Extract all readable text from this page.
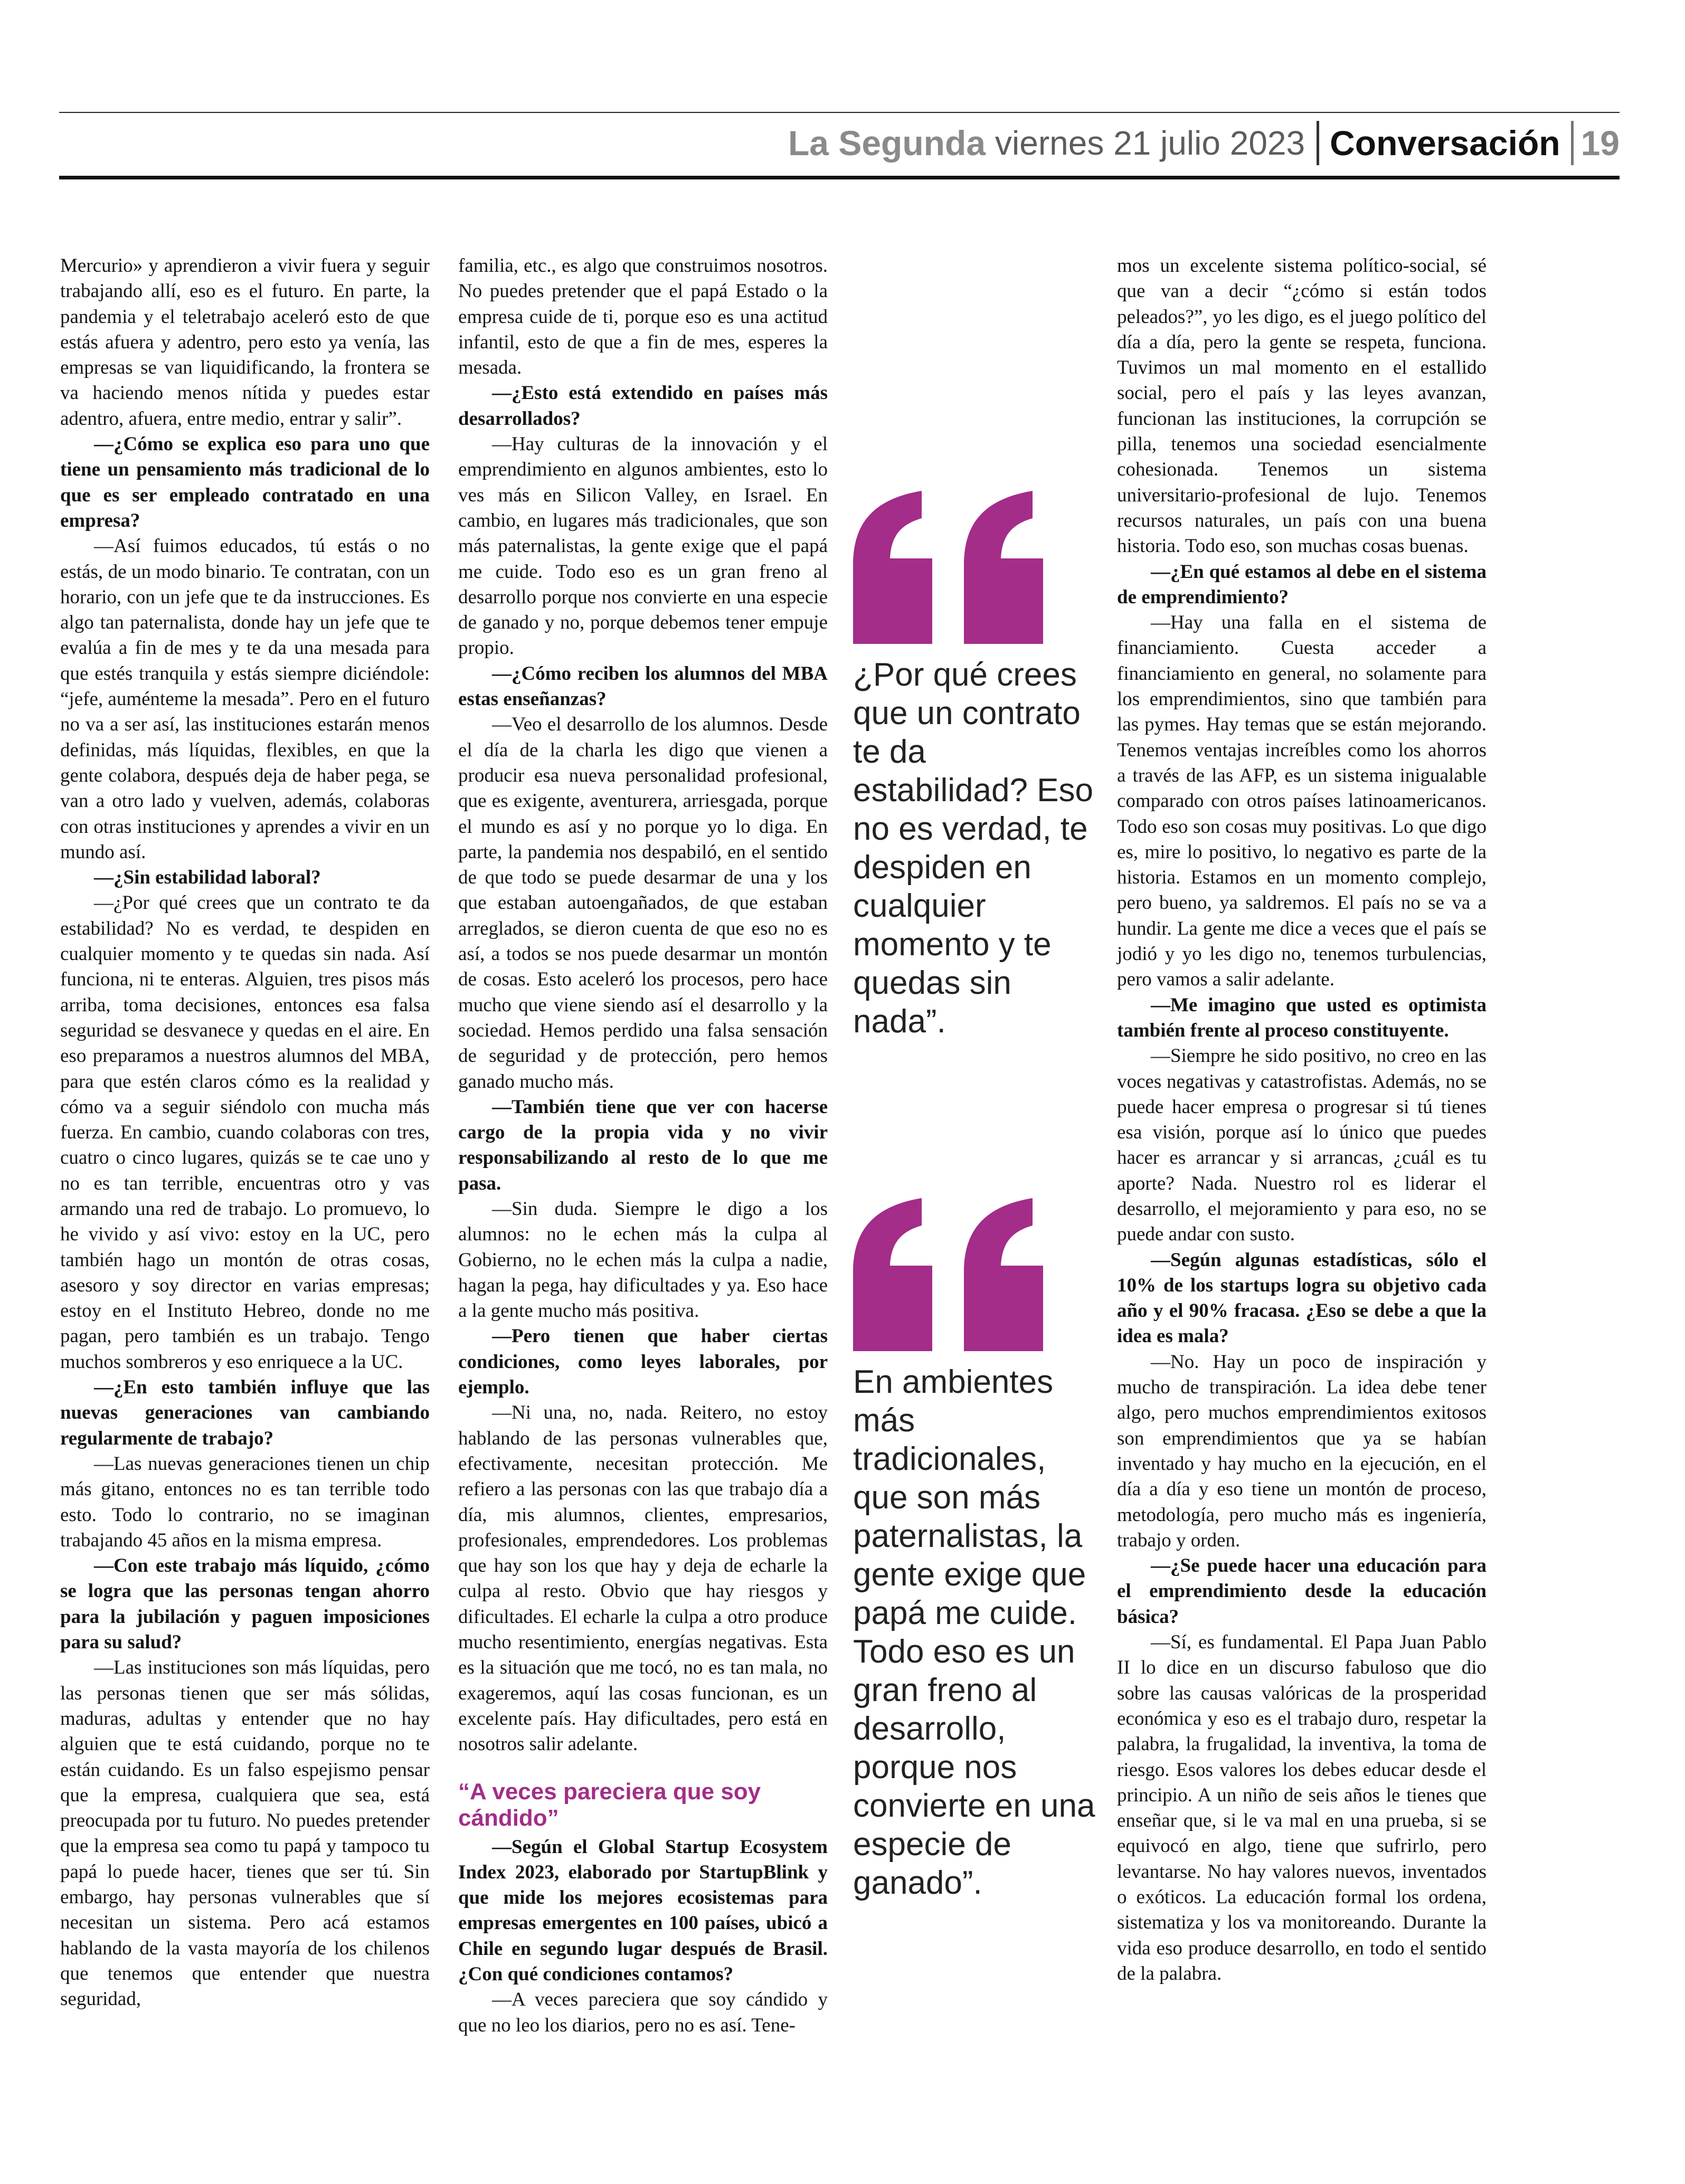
La Segunda viernes 21 julio 2023 Conversación 19

Mercurio» y aprendieron a vivir fuera y seguir trabajando allí, eso es el futuro. En parte, la pandemia y el teletrabajo aceleró esto de que estás afuera y adentro, pero esto ya venía, las empresas se van liquidificando, la frontera se va haciendo menos nítida y puedes estar adentro, afuera, entre medio, entrar y salir”.

—¿Cómo se explica eso para uno que tiene un pensamiento más tradicional de lo que es ser empleado contratado en una empresa?

—Así fuimos educados, tú estás o no estás, de un modo binario. Te contratan, con un horario, con un jefe que te da instrucciones. Es algo tan paternalista, donde hay un jefe que te evalúa a fin de mes y te da una mesada para que estés tranquila y estás siempre diciéndole: “jefe, auménteme la mesada”. Pero en el futuro no va a ser así, las instituciones estarán menos definidas, más líquidas, flexibles, en que la gente colabora, después deja de haber pega, se van a otro lado y vuelven, además, colaboras con otras instituciones y aprendes a vivir en un mundo así.

—¿Sin estabilidad laboral?

—¿Por qué crees que un contrato te da estabilidad? No es verdad, te despiden en cualquier momento y te quedas sin nada. Así funciona, ni te enteras. Alguien, tres pisos más arriba, toma decisiones, entonces esa falsa seguridad se desvanece y quedas en el aire. En eso preparamos a nuestros alumnos del MBA, para que estén claros cómo es la realidad y cómo va a seguir siéndolo con mucha más fuerza. En cambio, cuando colaboras con tres, cuatro o cinco lugares, quizás se te cae uno y no es tan terrible, encuentras otro y vas armando una red de trabajo. Lo promuevo, lo he vivido y así vivo: estoy en la UC, pero también hago un montón de otras cosas, asesoro y soy director en varias empresas; estoy en el Instituto Hebreo, donde no me pagan, pero también es un trabajo. Tengo muchos sombreros y eso enriquece a la UC.

—¿En esto también influye que las nuevas generaciones van cambiando regularmente de trabajo?

—Las nuevas generaciones tienen un chip más gitano, entonces no es tan terrible todo esto. Todo lo contrario, no se imaginan trabajando 45 años en la misma empresa.

—Con este trabajo más líquido, ¿cómo se logra que las personas tengan ahorro para la jubilación y paguen imposiciones para su salud?

—Las instituciones son más líquidas, pero las personas tienen que ser más sólidas, maduras, adultas y entender que no hay alguien que te está cuidando, porque no te están cuidando. Es un falso espejismo pensar que la empresa, cualquiera que sea, está preocupada por tu futuro. No puedes pretender que la empresa sea como tu papá y tampoco tu papá lo puede hacer, tienes que ser tú. Sin embargo, hay personas vulnerables que sí necesitan un sistema. Pero acá estamos hablando de la vasta mayoría de los chilenos que tenemos que entender que nuestra seguridad,

familia, etc., es algo que construimos nosotros. No puedes pretender que el papá Estado o la empresa cuide de ti, porque eso es una actitud infantil, esto de que a fin de mes, esperes la mesada.

—¿Esto está extendido en países más desarrollados?

—Hay culturas de la innovación y el emprendimiento en algunos ambientes, esto lo ves más en Silicon Valley, en Israel. En cambio, en lugares más tradicionales, que son más paternalistas, la gente exige que el papá me cuide. Todo eso es un gran freno al desarrollo porque nos convierte en una especie de ganado y no, porque debemos tener empuje propio.

—¿Cómo reciben los alumnos del MBA estas enseñanzas?

—Veo el desarrollo de los alumnos. Desde el día de la charla les digo que vienen a producir esa nueva personalidad profesional, que es exigente, aventurera, arriesgada, porque el mundo es así y no porque yo lo diga. En parte, la pandemia nos despabiló, en el sentido de que todo se puede desarmar de una y los que estaban autoengañados, de que estaban arreglados, se dieron cuenta de que eso no es así, a todos se nos puede desarmar un montón de cosas. Esto aceleró los procesos, pero hace mucho que viene siendo así el desarrollo y la sociedad. Hemos perdido una falsa sensación de seguridad y de protección, pero hemos ganado mucho más.

—También tiene que ver con hacerse cargo de la propia vida y no vivir responsabilizando al resto de lo que me pasa.

—Sin duda. Siempre le digo a los alumnos: no le echen más la culpa al Gobierno, no le echen más la culpa a nadie, hagan la pega, hay dificultades y ya. Eso hace a la gente mucho más positiva.

—Pero tienen que haber ciertas condiciones, como leyes laborales, por ejemplo.

—Ni una, no, nada. Reitero, no estoy hablando de las personas vulnerables que, efectivamente, necesitan protección. Me refiero a las personas con las que trabajo día a día, mis alumnos, clientes, empresarios, profesionales, emprendedores. Los problemas que hay son los que hay y deja de echarle la culpa al resto. Obvio que hay riesgos y dificultades. El echarle la culpa a otro produce mucho resentimiento, energías negativas. Esta es la situación que me tocó, no es tan mala, no exageremos, aquí las cosas funcionan, es un excelente país. Hay dificultades, pero está en nosotros salir adelante.

“A veces pareciera que soy cándido”

—Según el Global Startup Ecosystem Index 2023, elaborado por StartupBlink y que mide los mejores ecosistemas para empresas emergentes en 100 países, ubicó a Chile en segundo lugar después de Brasil. ¿Con qué condiciones contamos?

—A veces pareciera que soy cándido y que no leo los diarios, pero no es así. Tene-

¿Por qué crees que un contrato te da estabilidad? Eso no es verdad, te despiden en cualquier momento y te quedas sin nada”.
En ambientes más tradicionales, que son más paternalistas, la gente exige que papá me cuide. Todo eso es un gran freno al desarrollo, porque nos convierte en una especie de ganado”.

mos un excelente sistema político-social, sé que van a decir “¿cómo si están todos peleados?”, yo les digo, es el juego político del día a día, pero la gente se respeta, funciona. Tuvimos un mal momento en el estallido social, pero el país y las leyes avanzan, funcionan las instituciones, la corrupción se pilla, tenemos una sociedad esencialmente cohesionada. Tenemos un sistema universitario-profesional de lujo. Tenemos recursos naturales, un país con una buena historia. Todo eso, son muchas cosas buenas.

—¿En qué estamos al debe en el sistema de emprendimiento?

—Hay una falla en el sistema de financiamiento. Cuesta acceder a financiamiento en general, no solamente para los emprendimientos, sino que también para las pymes. Hay temas que se están mejorando. Tenemos ventajas increíbles como los ahorros a través de las AFP, es un sistema inigualable comparado con otros países latinoamericanos. Todo eso son cosas muy positivas. Lo que digo es, mire lo positivo, lo negativo es parte de la historia. Estamos en un momento complejo, pero bueno, ya saldremos. El país no se va a hundir. La gente me dice a veces que el país se jodió y yo les digo no, tenemos turbulencias, pero vamos a salir adelante.

—Me imagino que usted es optimista también frente al proceso constituyente.

—Siempre he sido positivo, no creo en las voces negativas y catastrofistas. Además, no se puede hacer empresa o progresar si tú tienes esa visión, porque así lo único que puedes hacer es arrancar y si arrancas, ¿cuál es tu aporte? Nada. Nuestro rol es liderar el desarrollo, el mejoramiento y para eso, no se puede andar con susto.

—Según algunas estadísticas, sólo el 10% de los startups logra su objetivo cada año y el 90% fracasa. ¿Eso se debe a que la idea es mala?

—No. Hay un poco de inspiración y mucho de transpiración. La idea debe tener algo, pero muchos emprendimientos exitosos son emprendimientos que ya se habían inventado y hay mucho en la ejecución, en el día a día y eso tiene un montón de proceso, metodología, pero mucho más es ingeniería, trabajo y orden.

—¿Se puede hacer una educación para el emprendimiento desde la educación básica?

—Sí, es fundamental. El Papa Juan Pablo II lo dice en un discurso fabuloso que dio sobre las causas valóricas de la prosperidad económica y eso es el trabajo duro, respetar la palabra, la frugalidad, la inventiva, la toma de riesgo. Esos valores los debes educar desde el principio. A un niño de seis años le tienes que enseñar que, si le va mal en una prueba, si se equivocó en algo, tiene que sufrirlo, pero levantarse. No hay valores nuevos, inventados o exóticos. La educación formal los ordena, sistematiza y los va monitoreando. Durante la vida eso produce desarrollo, en todo el sentido de la palabra.
